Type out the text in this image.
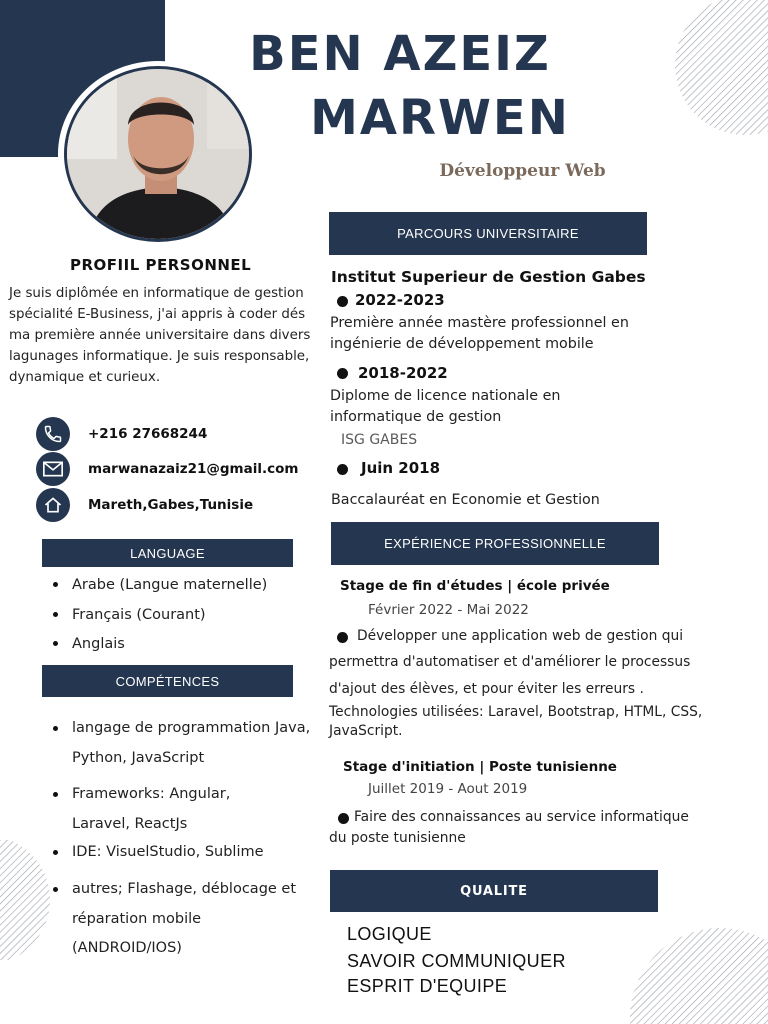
BEN AZEIZ
MARWEN
Développeur Web
PROFIIL PERSONNEL
Je suis diplômée en informatique de gestion spécialité E-Business, j'ai appris à coder dés ma première année universitaire dans divers lagunages informatique. Je suis responsable, dynamique et curieux.
+216 27668244
marwanazaiz21@gmail.com
Mareth,Gabes,Tunisie
LANGUAGE
Arabe (Langue maternelle)
Français (Courant)
Anglais
COMPÉTENCES
langage de programmation Java, Python, JavaScript
Frameworks: Angular, Laravel, ReactJs
IDE: VisuelStudio, Sublime
autres; Flashage, déblocage et réparation mobile (ANDROID/IOS)
PARCOURS UNIVERSITAIRE
Institut Superieur de Gestion Gabes
2022-2023
Première année mastère professionnel en
ingénierie de développement mobile
2018-2022
Diplome de licence nationale en
informatique de gestion
ISG GABES
Juin 2018
Baccalauréat en Economie et Gestion
EXPÉRIENCE PROFESSIONNELLE
Stage de fin d'études | école privée
Février 2022 - Mai 2022
Développer une application web de gestion qui
permettra d'automatiser et d'améliorer le processus
d'ajout des élèves, et pour éviter les erreurs .
Technologies utilisées: Laravel, Bootstrap, HTML, CSS,
JavaScript.
Stage d'initiation | Poste tunisienne
Juillet 2019 - Aout 2019
Faire des connaissances au service informatique
du poste tunisienne
QUALITE
LOGIQUE
SAVOIR COMMUNIQUER
ESPRIT D'EQUIPE
